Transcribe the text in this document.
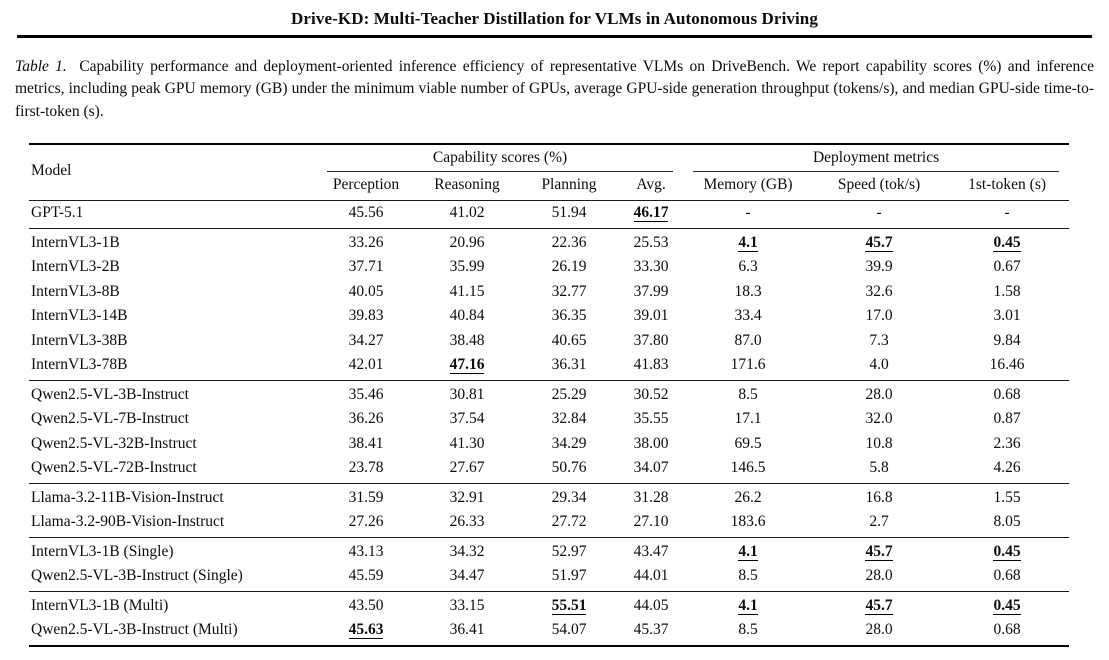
Drive-KD: Multi-Teacher Distillation for VLMs in Autonomous Driving

Table 1. Capability performance and deployment-oriented inference efficiency of representative VLMs on DriveBench. We report capability scores (%) and inference metrics, including peak GPU memory (GB) under the minimum viable number of GPUs, average GPU-side generation throughput (tokens/s), and median GPU-side time-to-first-token (s).

Model	Capability scores (%)				Deployment metrics		

	Perception	Reasoning	Planning	Avg.	Memory (GB)	Speed (tok/s)	1st-token (s)
GPT-5.1	45.56	41.02	51.94	46.17	-	-	-
InternVL3-1B	33.26	20.96	22.36	25.53	4.1	45.7	0.45
InternVL3-2B	37.71	35.99	26.19	33.30	6.3	39.9	0.67
InternVL3-8B	40.05	41.15	32.77	37.99	18.3	32.6	1.58
InternVL3-14B	39.83	40.84	36.35	39.01	33.4	17.0	3.01
InternVL3-38B	34.27	38.48	40.65	37.80	87.0	7.3	9.84
InternVL3-78B	42.01	47.16	36.31	41.83	171.6	4.0	16.46
Qwen2.5-VL-3B-Instruct	35.46	30.81	25.29	30.52	8.5	28.0	0.68
Qwen2.5-VL-7B-Instruct	36.26	37.54	32.84	35.55	17.1	32.0	0.87
Qwen2.5-VL-32B-Instruct	38.41	41.30	34.29	38.00	69.5	10.8	2.36
Qwen2.5-VL-72B-Instruct	23.78	27.67	50.76	34.07	146.5	5.8	4.26
Llama-3.2-11B-Vision-Instruct	31.59	32.91	29.34	31.28	26.2	16.8	1.55
Llama-3.2-90B-Vision-Instruct	27.26	26.33	27.72	27.10	183.6	2.7	8.05
InternVL3-1B (Single)	43.13	34.32	52.97	43.47	4.1	45.7	0.45
Qwen2.5-VL-3B-Instruct (Single)	45.59	34.47	51.97	44.01	8.5	28.0	0.68
InternVL3-1B (Multi)	43.50	33.15	55.51	44.05	4.1	45.7	0.45
Qwen2.5-VL-3B-Instruct (Multi)	45.63	36.41	54.07	45.37	8.5	28.0	0.68
